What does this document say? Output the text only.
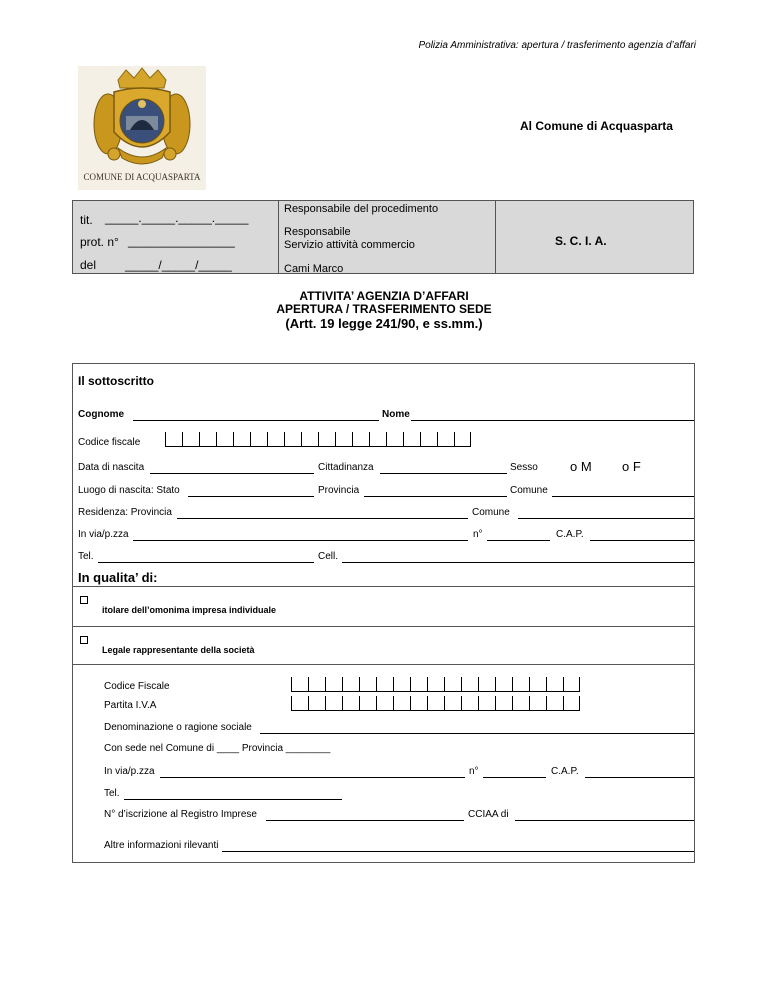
Polizia Amministrativa: apertura / trasferimento agenzia d’affari
COMUNE DI ACQUASPARTA
Al Comune di Acquasparta
tit. _____._____._____._____
prot. n° ________________
del _____/_____/_____
Responsabile del procedimento
Responsabile
Servizio attività commercio
Cami Marco
S. C. I. A.
ATTIVITA’ AGENZIA D’AFFARI
APERTURA / TRASFERIMENTO SEDE
(Artt. 19 legge 241/90, e ss.mm.)
Il sottoscritto
Cognome	Nome
Codice fiscale
Data di nascita	Cittadinanza	Sesso o M o F
Luogo di nascita: Stato	Provincia	Comune
Residenza: Provincia	Comune
In via/p.zza	n°	C.A.P.
Tel.	Cell.
In qualita’ di:
itolare dell’omonima impresa individuale
Legale rappresentante della società
Codice Fiscale
Partita I.V.A
Denominazione o ragione sociale
Con sede nel Comune di ____ Provincia ________
In via/p.zza	n°	C.A.P.
Tel.
N° d’iscrizione al Registro Imprese	CCIAA di
Altre informazioni rilevanti
